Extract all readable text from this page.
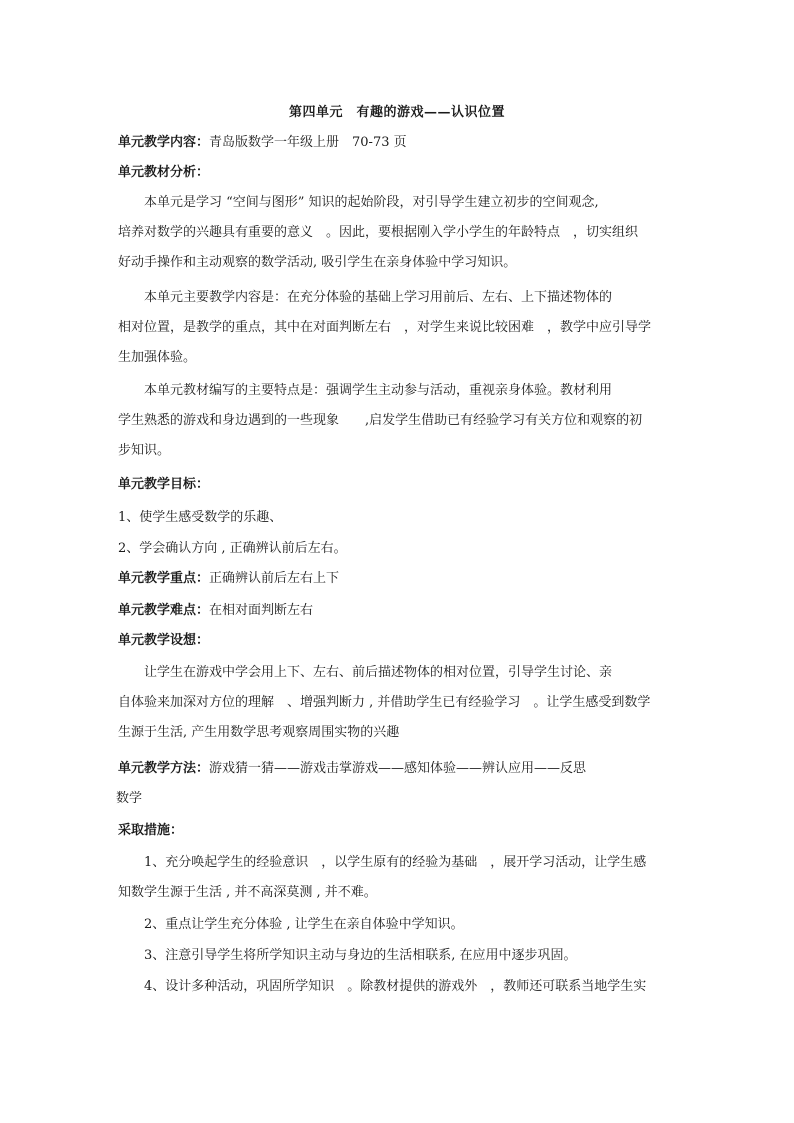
第四单元　有趣的游戏——认识位置
单元教学内容：青岛版数学一年级上册　70-73 页
单元教材分析：
　　本单元是学习 “空间与图形” 知识的起始阶段，对引导学生建立初步的空间观念,
培养对数学的兴趣具有重要的意义　。因此，要根据刚入学小学生的年龄特点　，切实组织
好动手操作和主动观察的数学活动, 吸引学生在亲身体验中学习知识。
　　本单元主要教学内容是：在充分体验的基础上学习用前后、左右、上下描述物体的
相对位置，是教学的重点，其中在对面判断左右　，对学生来说比较困难　，教学中应引导学
生加强体验。
　　本单元教材编写的主要特点是：强调学生主动参与活动，重视亲身体验。教材利用
学生熟悉的游戏和身边遇到的一些现象　　,启发学生借助已有经验学习有关方位和观察的初
步知识。
单元教学目标：
1、使学生感受数学的乐趣、
2、学会确认方向 , 正确辨认前后左右。
单元教学重点：正确辨认前后左右上下
单元教学难点：在相对面判断左右
单元教学设想：
　　让学生在游戏中学会用上下、左右、前后描述物体的相对位置，引导学生讨论、亲
自体验来加深对方位的理解　、增强判断力 , 并借助学生已有经验学习　。让学生感受到数学
生源于生活, 产生用数学思考观察周围实物的兴趣
单元教学方法：游戏猜一猜——游戏击掌游戏——感知体验——辨认应用——反思
数学
采取措施：
　　1、充分唤起学生的经验意识　，以学生原有的经验为基础　，展开学习活动，让学生感
知数学生源于生活 , 并不高深莫测 , 并不难。
　　2、重点让学生充分体验 , 让学生在亲自体验中学知识。
　　3、注意引导学生将所学知识主动与身边的生活相联系, 在应用中逐步巩固。
　　4、设计多种活动，巩固所学知识　。除教材提供的游戏外　，教师还可联系当地学生实
